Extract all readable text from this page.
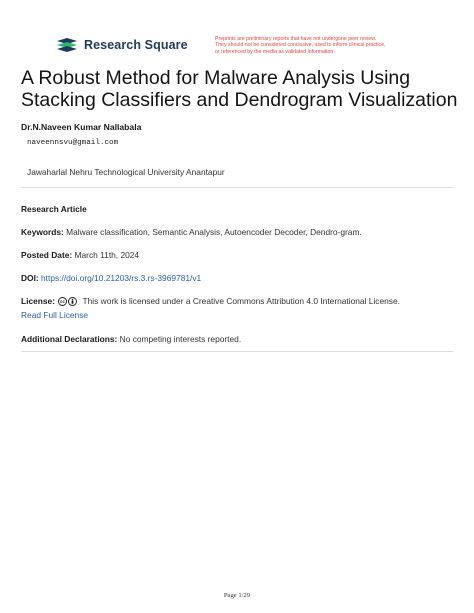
Research Square	Preprints are preliminary reports that have not undergone peer review.
They should not be considered conclusive, used to inform clinical practice,
or referenced by the media as validated information.
A Robust Method for Malware Analysis Using Stacking Classifiers and Dendrogram Visualization
Dr.N.Naveen Kumar Nallabala
naveennsvu@gmail.com
Jawaharlal Nehru Technological University Anantapur
Research Article
Keywords: Malware classification, Semantic Analysis, Autoencoder Decoder, Dendro-gram.
Posted Date: March 11th, 2024
DOI: https://doi.org/10.21203/rs.3.rs-3969781/v1
License: cc This work is licensed under a Creative Commons Attribution 4.0 International License.
Read Full License
Additional Declarations: No competing interests reported.
Page 1/29
